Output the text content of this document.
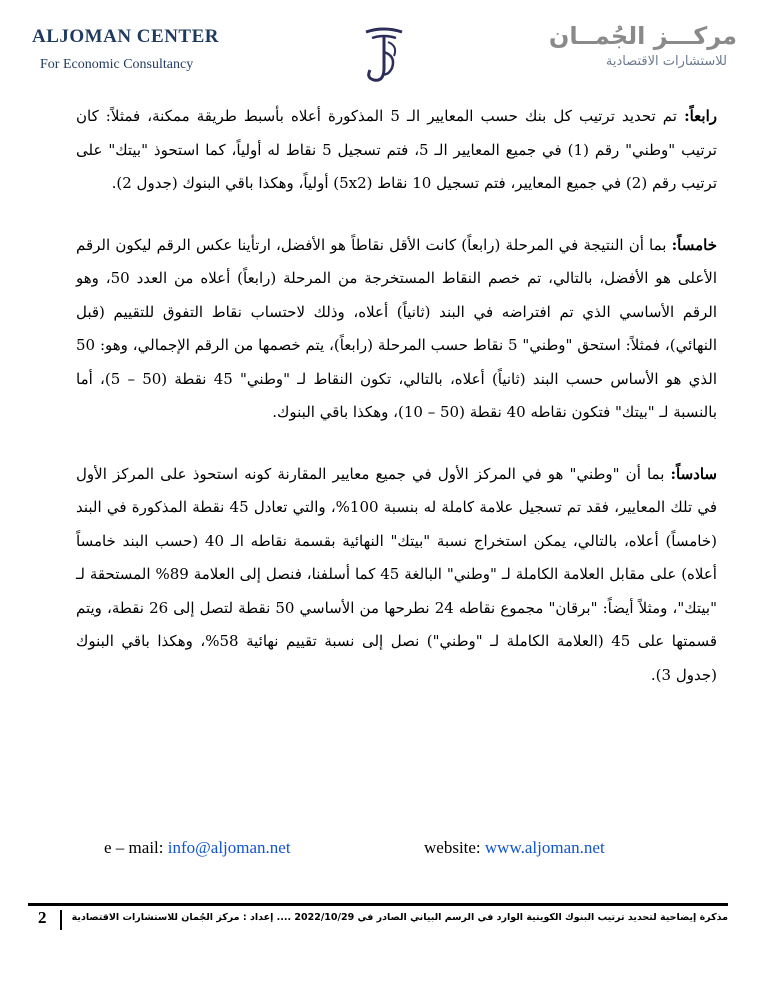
ALJOMAN CENTER
For Economic Consultancy
مركـــز الجُمــان
للاستشارات الاقتصادية

رابعاً: تم تحديد ترتيب كل بنك حسب المعايير الـ 5 المذكورة أعلاه بأسبط طريقة ممكنة، فمثلاً: كان ترتيب "وطني" رقم (1) في جميع المعايير الـ 5، فتم تسجيل 5 نقاط له أولياً، كما استحوذ "بيتك" على ترتيب رقم (2) في جميع المعايير، فتم تسجيل 10 نقاط (5x2) أولياً، وهكذا باقي البنوك (جدول 2).

خامساً: بما أن النتيجة في المرحلة (رابعاً) كانت الأقل نقاطاً هو الأفضل، ارتأينا عكس الرقم ليكون الرقم الأعلى هو الأفضل، بالتالي، تم خصم النقاط المستخرجة من المرحلة (رابعاً) أعلاه من العدد 50، وهو الرقم الأساسي الذي تم افتراضه في البند (ثانياً) أعلاه، وذلك لاحتساب نقاط التفوق للتقييم (قبل النهائي)، فمثلاً: استحق "وطني" 5 نقاط حسب المرحلة (رابعاً)، يتم خصمها من الرقم الإجمالي، وهو: 50 الذي هو الأساس حسب البند (ثانياً) أعلاه، بالتالي، تكون النقاط لـ "وطني" 45 نقطة (50 – 5)، أما بالنسبة لـ "بيتك" فتكون نقاطه 40 نقطة (50 – 10)، وهكذا باقي البنوك.

سادساً: بما أن "وطني" هو في المركز الأول في جميع معايير المقارنة كونه استحوذ على المركز الأول في تلك المعايير، فقد تم تسجيل علامة كاملة له بنسبة 100%، والتي تعادل 45 نقطة المذكورة في البند (خامساً) أعلاه، بالتالي، يمكن استخراج نسبة "بيتك" النهائية بقسمة نقاطه الـ 40 (حسب البند خامساً أعلاه) على مقابل العلامة الكاملة لـ "وطني" البالغة 45 كما أسلفنا، فنصل إلى العلامة 89% المستحقة لـ "بيتك"، ومثلاً أيضاً: "برقان" مجموع نقاطه 24 نطرحها من الأساسي 50 نقطة لتصل إلى 26 نقطة، ويتم قسمتها على 45 (العلامة الكاملة لـ "وطني") نصل إلى نسبة تقييم نهائية 58%، وهكذا باقي البنوك (جدول 3).

e – mail: info@aljoman.net	website: www.aljoman.net
2	مذكرة إيضاحية لتحديد ترتيب البنوك الكويتية الوارد في الرسم البياني الصادر في 2022/10/29 .... إعداد : مركز الجُمان للاستشارات الاقتصادية
